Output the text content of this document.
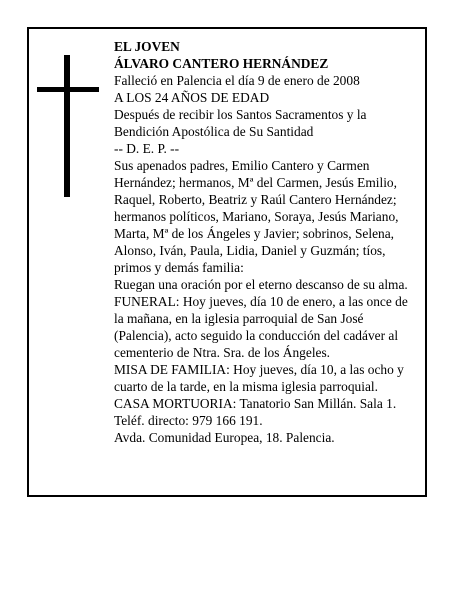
EL JOVEN

ÁLVARO CANTERO HERNÁNDEZ

Falleció en Palencia el día 9 de enero de 2008

A LOS 24 AÑOS DE EDAD

Después de recibir los Santos Sacramentos y la Bendición Apostólica de Su Santidad

-- D. E. P. --

Sus apenados padres, Emilio Cantero y Carmen Hernández; hermanos, Mª del Carmen, Jesús Emilio, Raquel, Roberto, Beatriz y Raúl Cantero Hernández; hermanos políticos, Mariano, Soraya, Jesús Mariano, Marta, Mª de los Ángeles y Javier; sobrinos, Selena, Alonso, Iván, Paula, Lidia, Daniel y Guzmán; tíos, primos y demás familia:

Ruegan una oración por el eterno descanso de su alma.

FUNERAL: Hoy jueves, día 10 de enero, a las once de la mañana, en la iglesia parroquial de San José (Palencia), acto seguido la conducción del cadáver al cementerio de Ntra. Sra. de los Ángeles.

MISA DE FAMILIA: Hoy jueves, día 10, a las ocho y cuarto de la tarde, en la misma iglesia parroquial.

CASA MORTUORIA: Tanatorio San Millán. Sala 1. Teléf. directo: 979 166 191.

Avda. Comunidad Europea, 18. Palencia.
